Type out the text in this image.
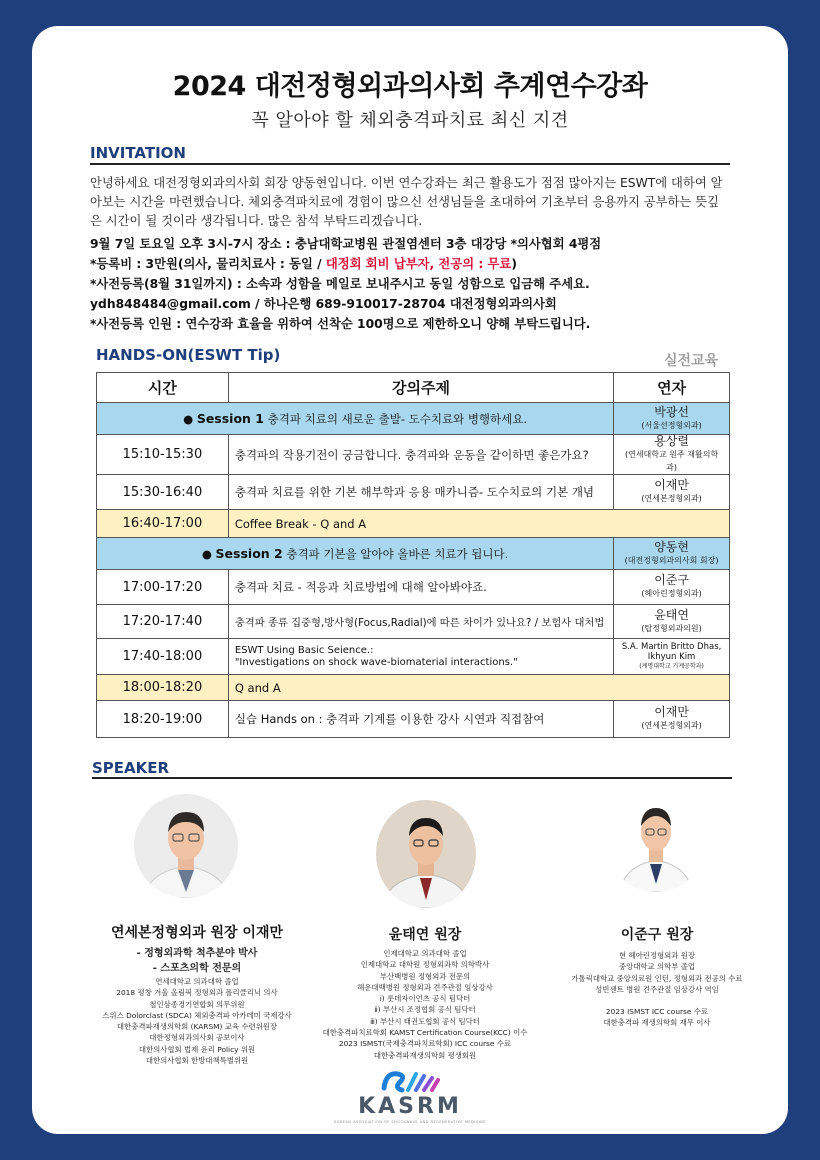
2024 대전정형외과의사회 추계연수강좌
꼭 알아야 할 체외충격파치료 최신 지견
INVITATION
안녕하세요 대전정형외과의사회 회장 양동현입니다. 이번 연수강좌는 최근 활용도가 점점 많아지는 ESWT에 대하여 알아보는 시간을 마련했습니다. 체외충격파치료에 경험이 많으신 선생님들을 초대하여 기초부터 응용까지 공부하는 뜻깊은 시간이 될 것이라 생각됩니다. 많은 참석 부탁드리겠습니다.
9월 7일 토요일 오후 3시-7시 장소 : 충남대학교병원 관절염센터 3층 대강당 *의사협회 4평점
*등록비 : 3만원(의사, 물리치료사 : 동일 / 대정회 회비 납부자, 전공의 : 무료)
*사전등록(8월 31일까지) : 소속과 성함을 메일로 보내주시고 동일 성함으로 입금해 주세요.
ydh848484@gmail.com / 하나은행 689-910017-28704 대전정형외과의사회
*사전등록 인원 : 연수강좌 효율을 위하여 선착순 100명으로 제한하오니 양해 부탁드립니다.
HANDS-ON(ESWT Tip)	실전교육
시간	강의주제	연자
● Session 1 충격파 치료의 새로운 출발- 도수치료와 병행하세요.		박광선
(서울선정형외과)

15:10-15:30	충격파의 작용기전이 궁금합니다. 충격파와 운동을 같이하면 좋은가요?	용상렬
(연세대학교 원주 재활의학과)

15:30-16:40	충격파 치료를 위한 기본 해부학과 응용 매카니즘- 도수치료의 기본 개념	이재만
(연세본정형외과)

16:40-17:00	Coffee Break - Q and A	
● Session 2 충격파 기본을 알아야 올바른 치료가 됩니다.		양동현
(대전정형외과의사회 회장)

17:00-17:20	충격파 치료 - 적응과 치료방법에 대해 알아봐야죠.	이준구
(헤아린정형외과)

17:20-17:40	충격파 종류 집중형,방사형(Focus,Radial)에 따른 차이가 있나요? / 보험사 대처법	윤태연
(탑정형외과의원)

17:40-18:00	ESWT Using Basic Seience.:
"Investigations on shock wave-biomaterial interactions."	S.A. Martin Britto Dhas,
Ikhyun Kim
(계명대학교 기계공학과)

18:00-18:20	Q and A	
18:20-19:00	실습 Hands on : 충격파 기계를 이용한 강사 시연과 직접참여	이재만
(연세본정형외과)
SPEAKER
연세본정형외과 원장 이재만
- 정형외과학 척추분야 박사
- 스포츠의학 전문의
연세대학교 의과대학 졸업
2018 평창 겨울 올림픽 정형외과 폴리클리닉 의사
철인삼종경기연합회 의무위원
스위스 Dolorclast (SDCA) 체외충격파 아카데미 국제강사
대한충격파재생의학회 (KARSM) 교육 수련위원장
대한정형외과의사회 공보이사
대한의사협회 법제 윤리 Policy 위원
대한의사협회 한방대책특별위원
윤태연 원장
인제대학교 의과대학 졸업
인제대학교 대학원 정형외과학 의학박사
부산백병원 정형외과 전문의
해운대백병원 정형외과 견주관절 임상강사
ⅰ) 롯데자이언츠 공식 팀닥터
ⅱ) 부산시 조정협회 공식 팀닥터
ⅲ) 부산시 태권도협회 공식 팀닥터
대한충격파치료학회 KAMST Certification Course(KCC) 이수
2023 ISMST(국제충격파치료학회) ICC course 수료
대한충격파재생의학회 평생회원
이준구 원장
현 헤아린정형외과 원장
중앙대학교 의학부 졸업
가톨릭대학교 중앙의료원 인턴, 정형외과 전공의 수료
성빈센트 병원 견주관절 임상강사 역임
2023 ISMST ICC course 수료
대한충격파 재생의학회 재무 이사
KASRM
KOREAN ASSOCIATION OF SHOCKWAVE AND REGENERATIVE MEDICINE
